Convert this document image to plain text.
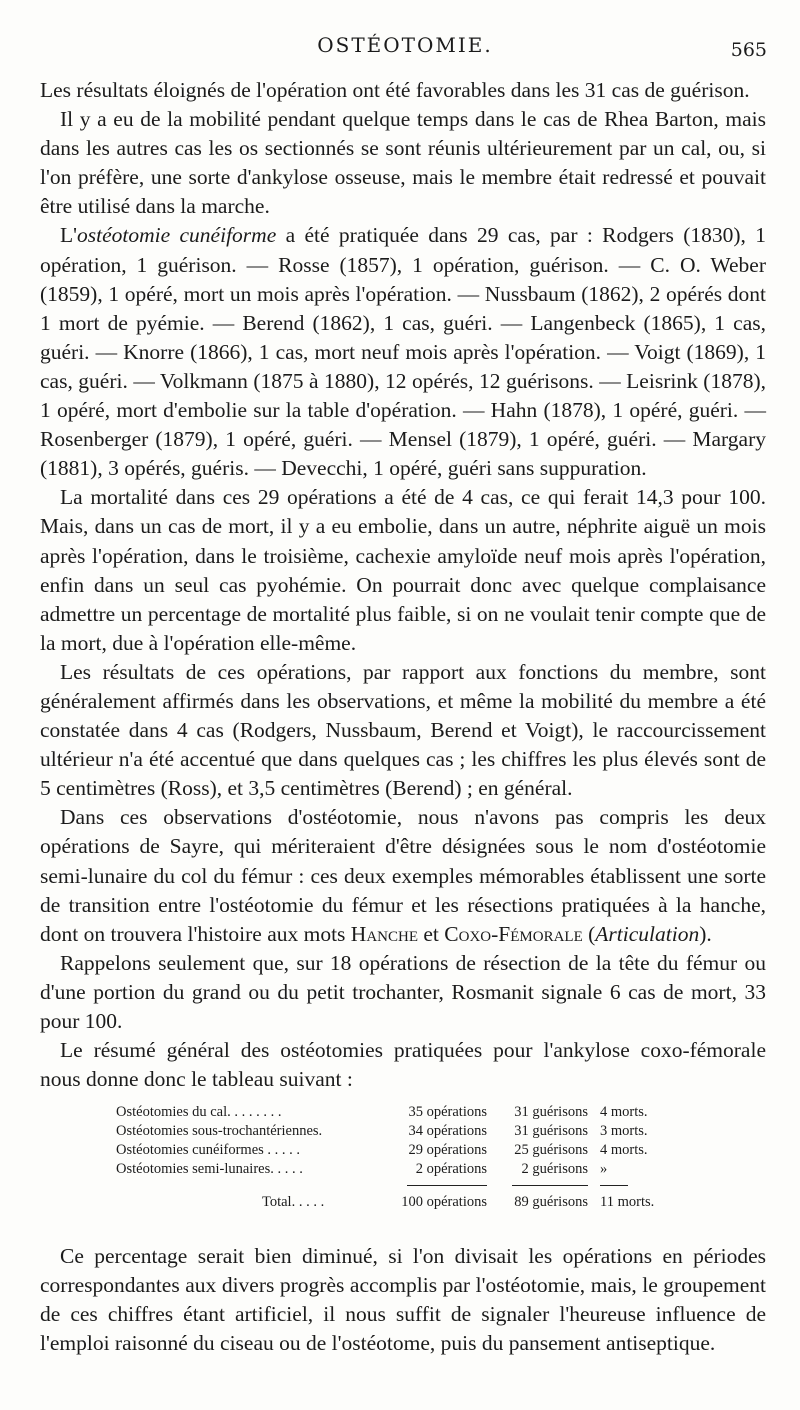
OSTÉOTOMIE.	565

Les résultats éloignés de l'opération ont été favorables dans les 31 cas de guérison.

Il y a eu de la mobilité pendant quelque temps dans le cas de Rhea Barton, mais dans les autres cas les os sectionnés se sont réunis ultérieurement par un cal, ou, si l'on préfère, une sorte d'ankylose osseuse, mais le membre était redressé et pouvait être utilisé dans la marche.

L'ostéotomie cunéiforme a été pratiquée dans 29 cas, par : Rodgers (1830), 1 opération, 1 guérison. — Rosse (1857), 1 opération, guérison. — C. O. Weber (1859), 1 opéré, mort un mois après l'opération. — Nussbaum (1862), 2 opérés dont 1 mort de pyémie. — Berend (1862), 1 cas, guéri. — Langenbeck (1865), 1 cas, guéri. — Knorre (1866), 1 cas, mort neuf mois après l'opération. — Voigt (1869), 1 cas, guéri. — Volkmann (1875 à 1880), 12 opérés, 12 guérisons. — Leisrink (1878), 1 opéré, mort d'embolie sur la table d'opération. — Hahn (1878), 1 opéré, guéri. — Rosenberger (1879), 1 opéré, guéri. — Mensel (1879), 1 opéré, guéri. — Margary (1881), 3 opérés, guéris. — Devecchi, 1 opéré, guéri sans suppuration.

La mortalité dans ces 29 opérations a été de 4 cas, ce qui ferait 14,3 pour 100. Mais, dans un cas de mort, il y a eu embolie, dans un autre, néphrite aiguë un mois après l'opération, dans le troisième, cachexie amyloïde neuf mois après l'opération, enfin dans un seul cas pyohémie. On pourrait donc avec quelque complaisance admettre un percentage de mortalité plus faible, si on ne voulait tenir compte que de la mort, due à l'opération elle-même.

Les résultats de ces opérations, par rapport aux fonctions du membre, sont généralement affirmés dans les observations, et même la mobilité du membre a été constatée dans 4 cas (Rodgers, Nussbaum, Berend et Voigt), le raccourcissement ultérieur n'a été accentué que dans quelques cas ; les chiffres les plus élevés sont de 5 centimètres (Ross), et 3,5 centimètres (Berend) ; en général.

Dans ces observations d'ostéotomie, nous n'avons pas compris les deux opérations de Sayre, qui mériteraient d'être désignées sous le nom d'ostéotomie semi-lunaire du col du fémur : ces deux exemples mémorables établissent une sorte de transition entre l'ostéotomie du fémur et les résections pratiquées à la hanche, dont on trouvera l'histoire aux mots Hanche et Coxo-Fémorale (Articulation).

Rappelons seulement que, sur 18 opérations de résection de la tête du fémur ou d'une portion du grand ou du petit trochanter, Rosmanit signale 6 cas de mort, 33 pour 100.

Le résumé général des ostéotomies pratiquées pour l'ankylose coxo-fémorale nous donne donc le tableau suivant :

Ostéotomies du cal. . . . . . . .	35 opérations	31 guérisons 4 morts.
Ostéotomies sous-trochantériennes.	34 opérations	31 guérisons 3 morts.
Ostéotomies cunéiformes . . . . .	29 opérations	25 guérisons 4 morts.
Ostéotomies semi-lunaires. . . . .	2 opérations	2 guérisons »
Total. . . . .	100 opérations	89 guérisons 11 morts.

Ce percentage serait bien diminué, si l'on divisait les opérations en périodes correspondantes aux divers progrès accomplis par l'ostéotomie, mais, le groupement de ces chiffres étant artificiel, il nous suffit de signaler l'heureuse influence de l'emploi raisonné du ciseau ou de l'ostéotome, puis du pansement antiseptique.
